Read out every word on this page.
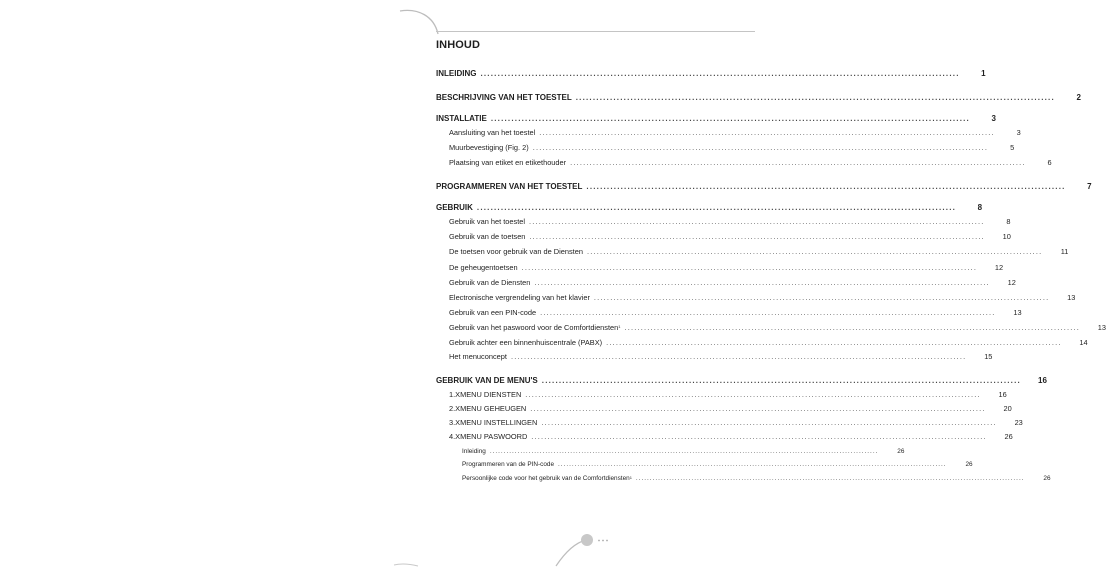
INHOUD
INLEIDING ............................................................................................................................................	1
BESCHRIJVING VAN HET TOESTEL ............................................................................................................................................	2
INSTALLATIE ............................................................................................................................................	3
Aansluiting van het toestel ............................................................................................................................................	3
Muurbevestiging (Fig. 2) ............................................................................................................................................	5
Plaatsing van etiket en etikethouder ............................................................................................................................................	6
PROGRAMMEREN VAN HET TOESTEL ............................................................................................................................................	7
GEBRUIK ............................................................................................................................................	8
Gebruik van het toestel ............................................................................................................................................	8
Gebruik van de toetsen ............................................................................................................................................	10
De toetsen voor gebruik van de Diensten ............................................................................................................................................	11
De geheugentoetsen ............................................................................................................................................	12
Gebruik van de Diensten ............................................................................................................................................	12
Electronische vergrendeling van het klavier ............................................................................................................................................	13
Gebruik van een PIN-code ............................................................................................................................................	13
Gebruik van het paswoord voor de Comfortdiensten$^1$ ............................................................................................................................................	13
Gebruik achter een binnenhuiscentrale (PABX) ............................................................................................................................................	14
Het menuconcept ............................................................................................................................................	15
GEBRUIK VAN DE MENU'S ............................................................................................................................................	16
1.XMENU DIENSTEN ............................................................................................................................................	16
2.XMENU GEHEUGEN ............................................................................................................................................	20
3.XMENU INSTELLINGEN ............................................................................................................................................	23
4.XMENU PASWOORD ............................................................................................................................................	26
Inleiding ............................................................................................................................................	26
Programmeren van de PIN-code ............................................................................................................................................	26
Persoonlijke code voor het gebruik van de Comfortdiensten$^1$ ............................................................................................................................................	26
